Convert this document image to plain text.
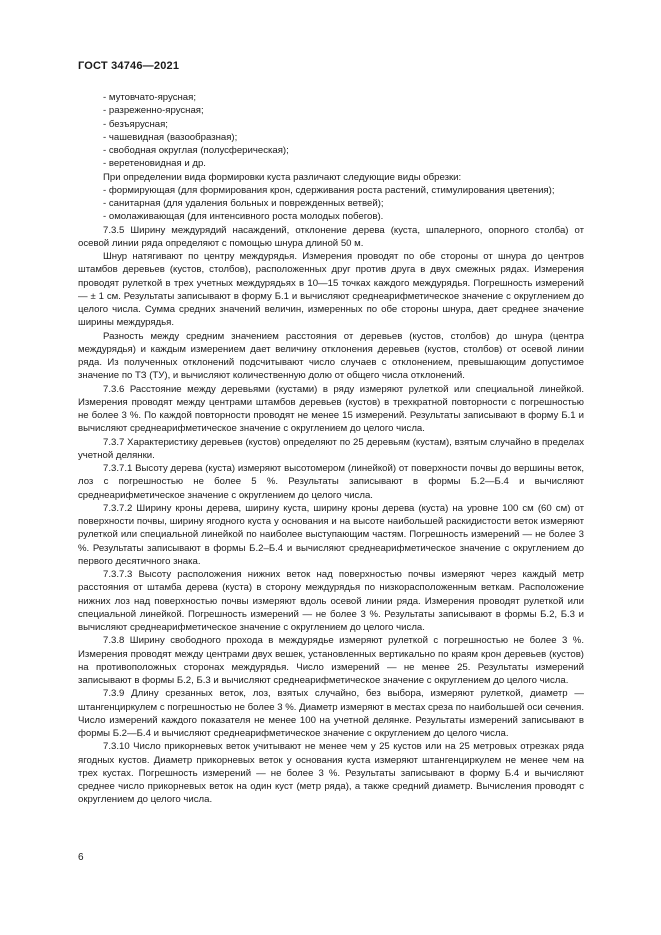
ГОСТ 34746—2021

- мутовчато-ярусная;

- разреженно-ярусная;

- безъярусная;

- чашевидная (вазообразная);

- свободная округлая (полусферическая);

- веретеновидная и др.

При определении вида формировки куста различают следующие виды обрезки:

- формирующая (для формирования крон, сдерживания роста растений, стимулирования цветения);

- санитарная (для удаления больных и поврежденных ветвей);

- омолаживающая (для интенсивного роста молодых побегов).

7.3.5 Ширину междурядий насаждений, отклонение дерева (куста, шпалерного, опорного столба) от осевой линии ряда определяют с помощью шнура длиной 50 м.

Шнур натягивают по центру междурядья. Измерения проводят по обе стороны от шнура до центров штамбов деревьев (кустов, столбов), расположенных друг против друга в двух смежных рядах. Измерения проводят рулеткой в трех учетных междурядьях в 10—15 точках каждого междурядья. Погрешность измерений — ± 1 см. Результаты записывают в форму Б.1 и вычисляют среднеарифметическое значение с округлением до целого числа. Сумма средних значений величин, измеренных по обе стороны шнура, дает среднее значение ширины междурядья.

Разность между средним значением расстояния от деревьев (кустов, столбов) до шнура (центра междурядья) и каждым измерением дает величину отклонения деревьев (кустов, столбов) от осевой линии ряда. Из полученных отклонений подсчитывают число случаев с отклонением, превышающим допустимое значение по ТЗ (ТУ), и вычисляют количественную долю от общего числа отклонений.

7.3.6 Расстояние между деревьями (кустами) в ряду измеряют рулеткой или специальной линейкой. Измерения проводят между центрами штамбов деревьев (кустов) в трехкратной повторности с погрешностью не более 3 %. По каждой повторности проводят не менее 15 измерений. Результаты записывают в форму Б.1 и вычисляют среднеарифметическое значение с округлением до целого числа.

7.3.7 Характеристику деревьев (кустов) определяют по 25 деревьям (кустам), взятым случайно в пределах учетной делянки.

7.3.7.1 Высоту дерева (куста) измеряют высотомером (линейкой) от поверхности почвы до вершины веток, лоз с погрешностью не более 5 %. Результаты записывают в формы Б.2—Б.4 и вычисляют среднеарифметическое значение с округлением до целого числа.

7.3.7.2 Ширину кроны дерева, ширину куста, ширину кроны дерева (куста) на уровне 100 см (60 см) от поверхности почвы, ширину ягодного куста у основания и на высоте наибольшей раскидистости веток измеряют рулеткой или специальной линейкой по наиболее выступающим частям. Погрешность измерений — не более 3 %. Результаты записывают в формы Б.2–Б.4 и вычисляют среднеарифметическое значение с округлением до первого десятичного знака.

7.3.7.3 Высоту расположения нижних веток над поверхностью почвы измеряют через каждый метр расстояния от штамба дерева (куста) в сторону междурядья по низкорасположенным веткам. Расположение нижних лоз над поверхностью почвы измеряют вдоль осевой линии ряда. Измерения проводят рулеткой или специальной линейкой. Погрешность измерений — не более 3 %. Результаты записывают в формы Б.2, Б.3 и вычисляют среднеарифметическое значение с округлением до целого числа.

7.3.8 Ширину свободного прохода в междурядье измеряют рулеткой с погрешностью не более 3 %. Измерения проводят между центрами двух вешек, установленных вертикально по краям крон деревьев (кустов) на противоположных сторонах междурядья. Число измерений — не менее 25. Результаты измерений записывают в формы Б.2, Б.3 и вычисляют среднеарифметическое значение с округлением до целого числа.

7.3.9 Длину срезанных веток, лоз, взятых случайно, без выбора, измеряют рулеткой, диаметр — штангенциркулем с погрешностью не более 3 %. Диаметр измеряют в местах среза по наибольшей оси сечения. Число измерений каждого показателя не менее 100 на учетной делянке. Результаты измерений записывают в формы Б.2—Б.4 и вычисляют среднеарифметическое значение с округлением до целого числа.

7.3.10 Число прикорневых веток учитывают не менее чем у 25 кустов или на 25 метровых отрезках ряда ягодных кустов. Диаметр прикорневых веток у основания куста измеряют штангенциркулем не менее чем на трех кустах. Погрешность измерений — не более 3 %. Результаты записывают в форму Б.4 и вычисляют среднее число прикорневых веток на один куст (метр ряда), а также средний диаметр. Вычисления проводят с округлением до целого числа.

6
